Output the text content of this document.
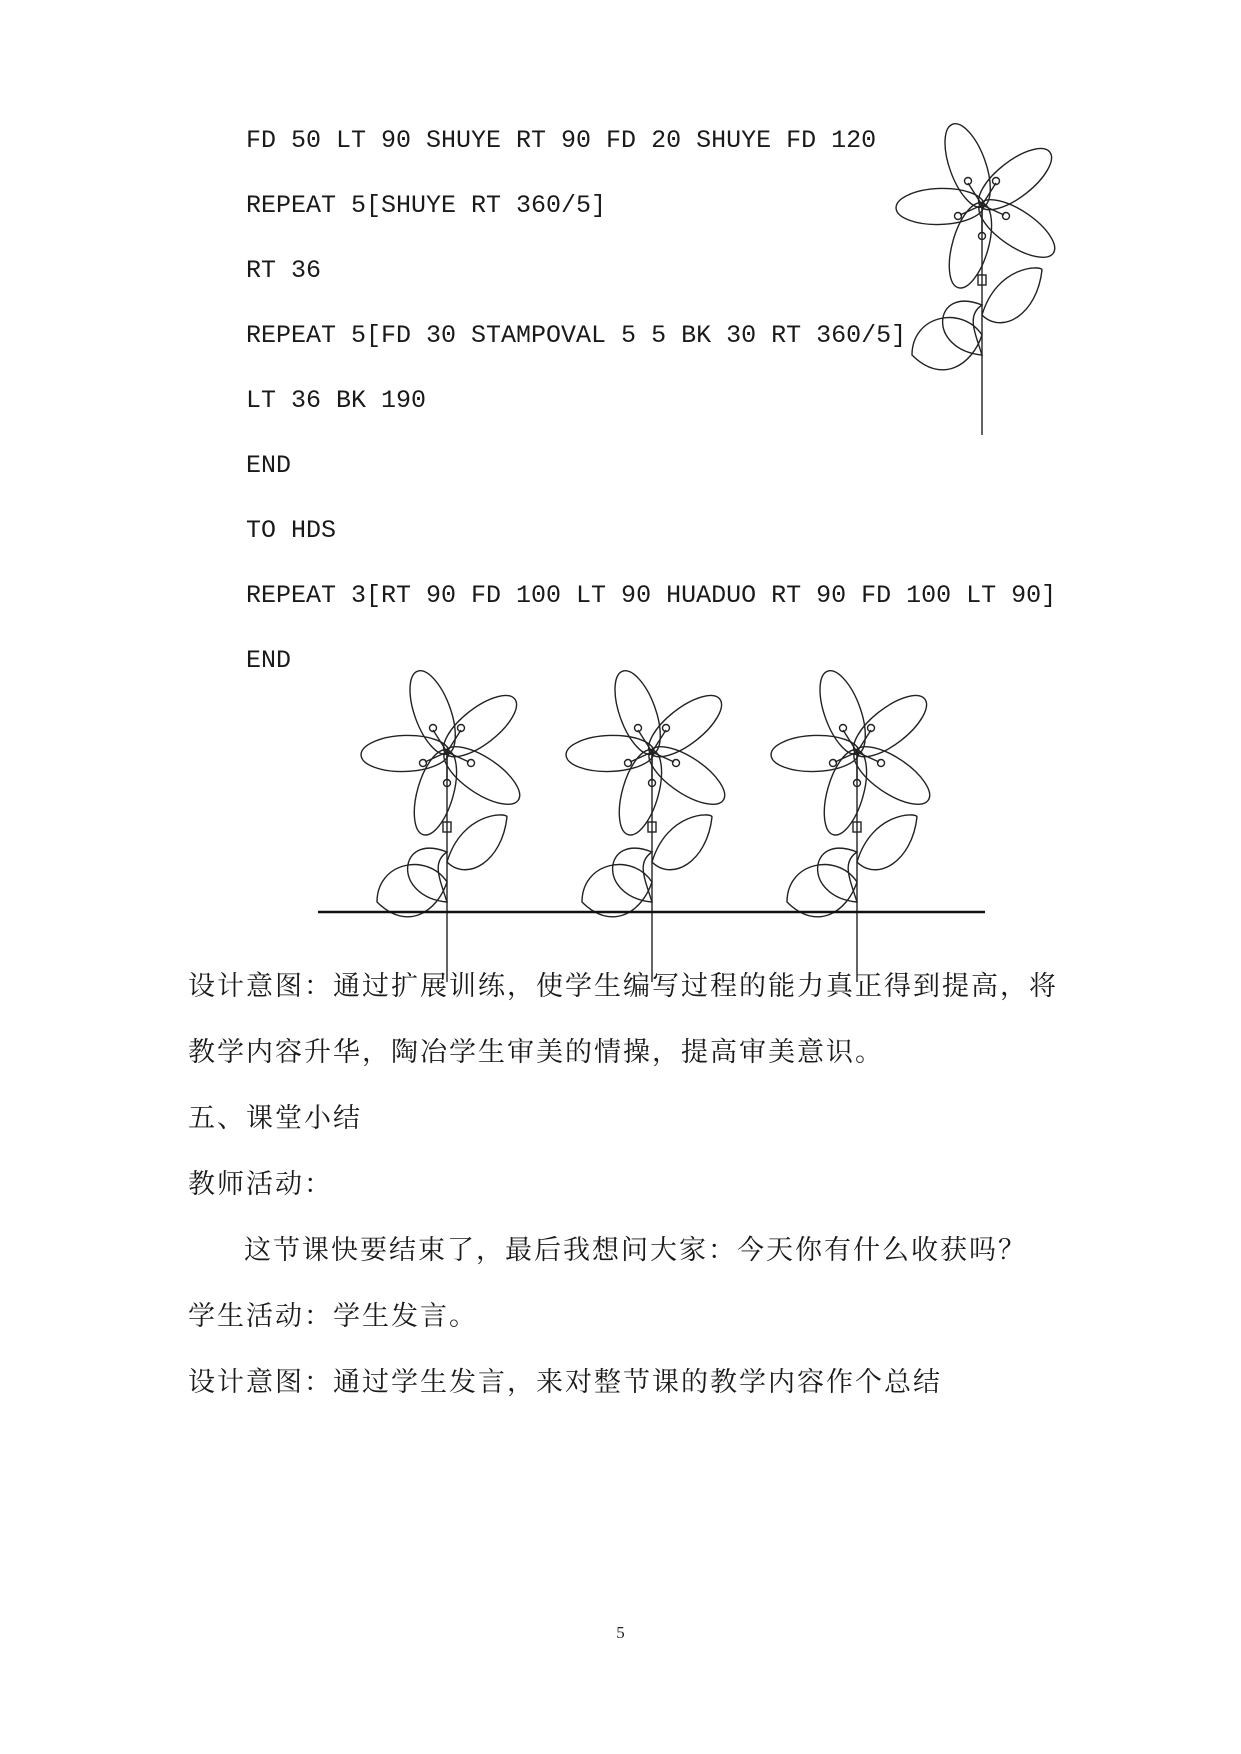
FD 50 LT 90 SHUYE RT 90 FD 20 SHUYE FD 120
REPEAT 5[SHUYE RT 360/5]
RT 36
REPEAT 5[FD 30 STAMPOVAL 5 5 BK 30 RT 360/5]
LT 36 BK 190
END
TO HDS
REPEAT 3[RT 90 FD 100 LT 90 HUADUO RT 90 FD 100 LT 90]
END
设计意图：通过扩展训练，使学生编写过程的能力真正得到提高，将
教学内容升华，陶冶学生审美的情操，提高审美意识。
五、课堂小结
教师活动：
这节课快要结束了，最后我想问大家：今天你有什么收获吗？
学生活动：学生发言。
设计意图：通过学生发言，来对整节课的教学内容作个总结
5
